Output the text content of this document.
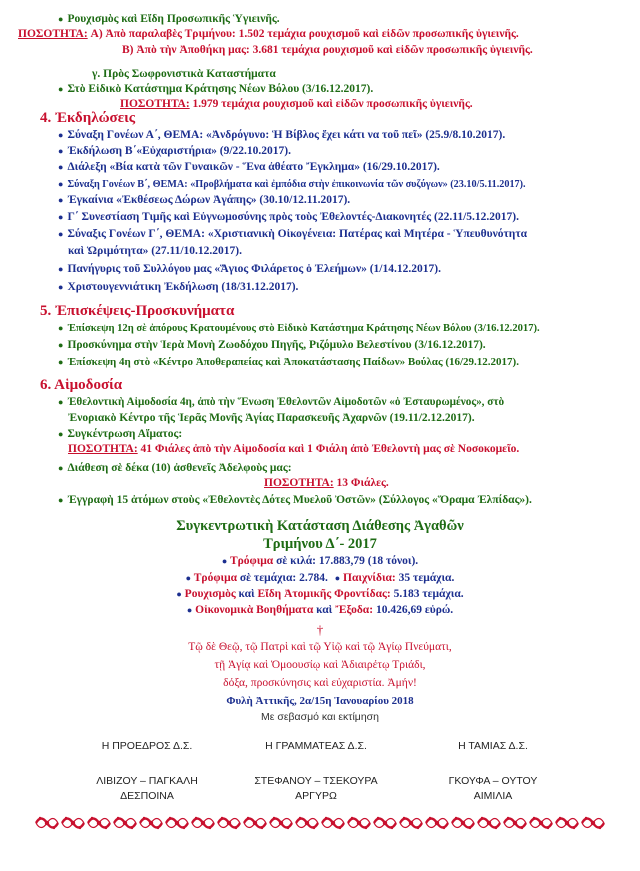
● Ρουχισμὸς καὶ Εἴδη Προσωπικῆς Ὑγιεινῆς.
ΠΟΣΟΤΗΤΑ: A) Ἀπὸ παραλαβὲς Τριμήνου: 1.502 τεμάχια ρουχισμοῦ καὶ εἰδῶν προσωπικῆς ὑγιεινῆς.
B) Ἀπὸ τὴν Ἀποθήκη μας: 3.681 τεμάχια ρουχισμοῦ καὶ εἰδῶν προσωπικῆς ὑγιεινῆς.
γ. Πρὸς Σωφρονιστικὰ Καταστήματα
● Στὸ Εἰδικὸ Κατάστημα Κράτησης Νέων Βόλου (3/16.12.2017).
ΠΟΣΟΤΗΤΑ: 1.979 τεμάχια ρουχισμοῦ καὶ εἰδῶν προσωπικῆς ὑγιεινῆς.
4. Ἐκδηλώσεις
● Σύναξη Γονέων Α΄, ΘΕΜΑ: «Ἀνδρόγυνο: Ἡ Βίβλος ἔχει κάτι να τοῦ πεῖ» (25.9/8.10.2017).
● Ἐκδήλωση Β΄«Εὐχαριστήρια» (9/22.10.2017).
● Διάλεξη «Βία κατὰ τῶν Γυναικῶν - Ἕνα ἀθέατο Ἔγκλημα» (16/29.10.2017).
● Σύναξη Γονέων Β΄, ΘΕΜΑ: «Προβλήματα καὶ ἐμπόδια στὴν ἐπικοινωνία τῶν συζύγων» (23.10/5.11.2017).
● Ἐγκαίνια «Ἐκθέσεως Δώρων Ἀγάπης» (30.10/12.11.2017).
● Γ΄ Συνεστίαση Τιμῆς καὶ Εὐγνωμοσύνης πρὸς τοὺς Ἐθελοντές-Διακονητές (22.11/5.12.2017).
● Σύναξις Γονέων Γ΄, ΘΕΜΑ: «Χριστιανικὴ Οἰκογένεια: Πατέρας καὶ Μητέρα - Ὑπευθυνότητα
καὶ Ὡριμότητα» (27.11/10.12.2017).
● Πανήγυρις τοῦ Συλλόγου μας «Ἅγιος Φιλάρετος ὁ Ἐλεήμων» (1/14.12.2017).
● Χριστουγεννιάτικη Ἐκδήλωση (18/31.12.2017).
5. Ἐπισκέψεις-Προσκυνήματα
● Ἐπίσκεψη 12η σὲ ἀπόρους Κρατουμένους στὸ Εἰδικὸ Κατάστημα Κράτησης Νέων Βόλου (3/16.12.2017).
● Προσκύνημα στὴν Ἱερὰ Μονὴ Ζωοδόχου Πηγῆς, Ριζόμυλο Βελεστίνου (3/16.12.2017).
● Ἐπίσκεψη 4η στὸ «Κέντρο Ἀποθεραπείας καὶ Ἀποκατάστασης Παίδων» Βούλας (16/29.12.2017).
6. Αἱμοδοσία
● Ἐθελοντικὴ Αἱμοδοσία 4η, ἀπὸ τὴν Ἕνωση Ἐθελοντῶν Αἱμοδοτῶν «ὁ Ἐσταυρωμένος», στὸ
Ἐνοριακὸ Κέντρο τῆς Ἱερᾶς Μονῆς Ἁγίας Παρασκευῆς Ἀχαρνῶν (19.11/2.12.2017).
● Συγκέντρωση Αἵματος:
ΠΟΣΟΤΗΤΑ: 41 Φιάλες ἀπὸ τὴν Αἱμοδοσία καὶ 1 Φιάλη ἀπὸ Ἐθελοντὴ μας σὲ Νοσοκομεῖο.
● Διάθεση σὲ δέκα (10) ἀσθενεῖς Ἀδελφοὺς μας:
ΠΟΣΟΤΗΤΑ: 13 Φιάλες.
● Ἐγγραφὴ 15 ἀτόμων στοὺς «Ἐθελοντὲς Δότες Μυελοῦ Ὀστῶν» (Σύλλογος «Ὅραμα Ἐλπίδας»).
Συγκεντρωτικὴ Κατάσταση Διάθεσης Ἀγαθῶν
Τριμήνου Δ΄- 2017
● Τρόφιμα σὲ κιλά: 17.883,79 (18 τόνοι).
● Τρόφιμα σὲ τεμάχια: 2.784. ● Παιχνίδια: 35 τεμάχια.
● Ρουχισμὸς καὶ Εἴδη Ἀτομικῆς Φροντίδας: 5.183 τεμάχια.
● Οἰκονομικὰ Βοηθήματα καὶ Ἔξοδα: 10.426,69 εὐρώ.
†
Τῷ δὲ Θεῷ, τῷ Πατρὶ καὶ τῷ Υἱῷ καὶ τῷ Ἁγίῳ Πνεύματι,
τῇ Ἁγίᾳ καὶ Ὁμοουσίῳ καὶ Ἀδιαιρέτῳ Τριάδι,
δόξα, προσκύνησις καὶ εὐχαριστία. Ἀμήν!
Φυλὴ Ἀττικῆς, 2α/15η Ἰανουαρίου 2018
Με σεβασμό και εκτίμηση
Η ΠΡΟΕΔΡΟΣ Δ.Σ.
ΛΙΒΙΖΟΥ – ΠΑΓΚΑΛΗ
ΔΕΣΠΟΙΝΑ
Η ΓΡΑΜΜΑΤΕΑΣ Δ.Σ.
ΣΤΕΦΑΝΟΥ – ΤΣΕΚΟΥΡΑ
ΑΡΓΥΡΩ
Η ΤΑΜΙΑΣ Δ.Σ.
ΓΚΟΥΦΑ – ΟΥΤΟΥ
ΑΙΜΙΛΙΑ
